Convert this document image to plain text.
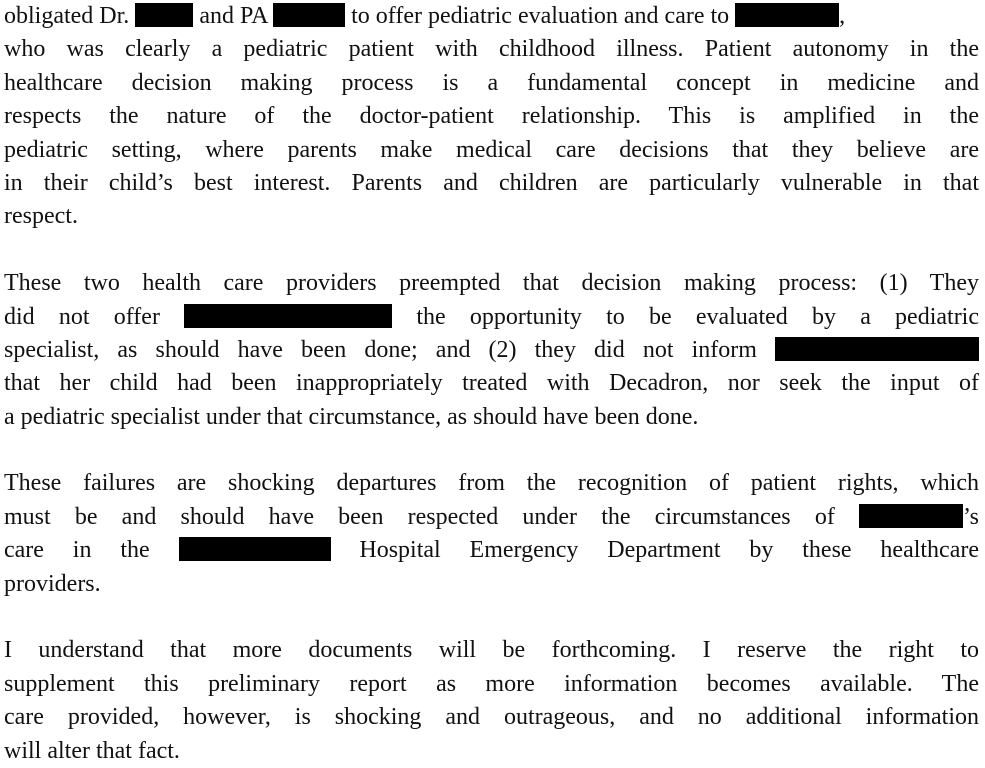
obligated Dr.  and PA	to offer pediatric evaluation and care to	,
who was clearly a pediatric patient with childhood illness. Patient autonomy in the
healthcare decision making process is a fundamental concept in medicine and
respects the nature of the doctor-patient relationship. This is amplified in the
pediatric setting, where parents make medical care decisions that they believe are
in their child’s best interest. Parents and children are particularly vulnerable in that
respect.
These two health care providers preempted that decision making process: (1) They
did not offer	the opportunity to be evaluated by a pediatric
specialist, as should have been done; and (2) they did not inform
that her child had been inappropriately treated with Decadron, nor seek the input of
a pediatric specialist under that circumstance, as should have been done.
These failures are shocking departures from the recognition of patient rights, which
must be and should have been respected under the circumstances of	’s
care in the	Hospital Emergency Department by these healthcare
providers.
I understand that more documents will be forthcoming. I reserve the right to
supplement this preliminary report as more information becomes available. The
care provided, however, is shocking and outrageous, and no additional information
will alter that fact.
